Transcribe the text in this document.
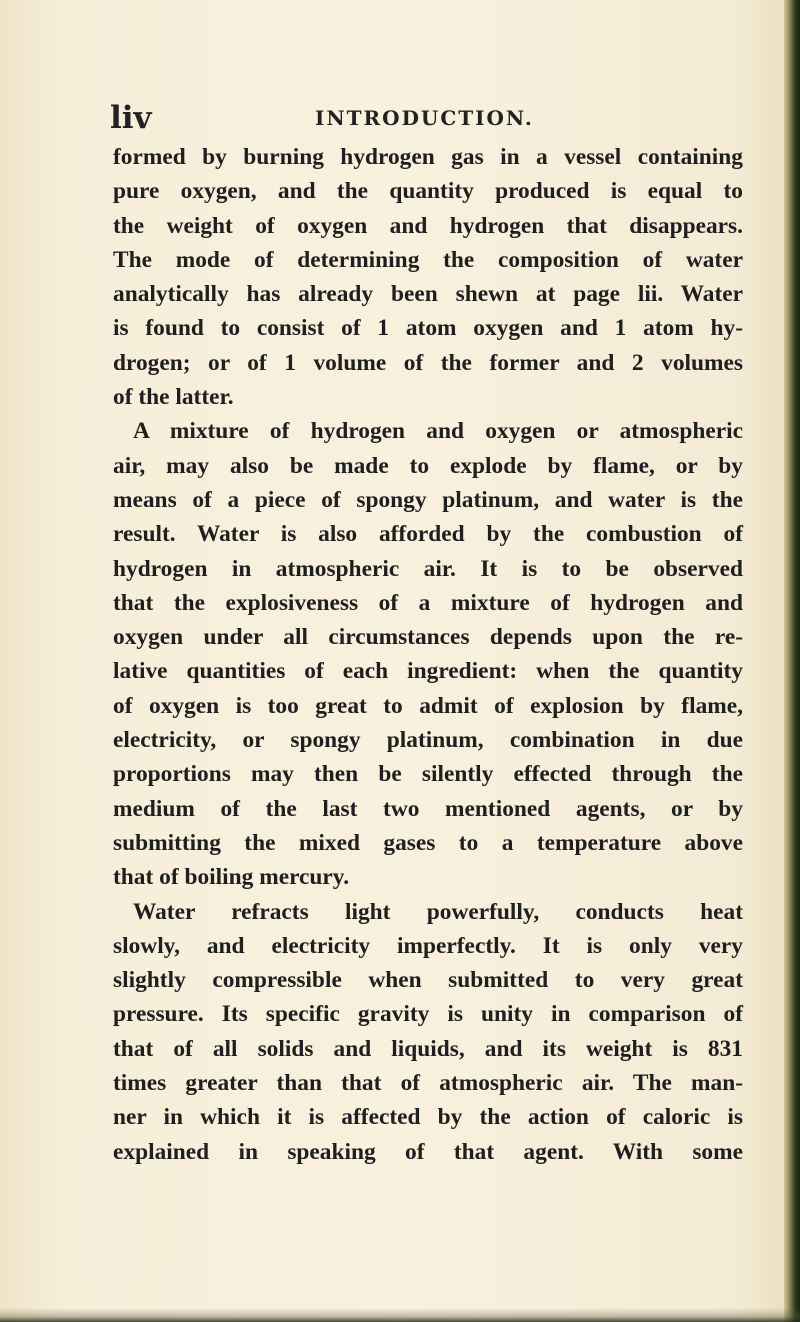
liv	INTRODUCTION.
formed by burning hydrogen gas in a vessel containing
pure oxygen, and the quantity produced is equal to
the weight of oxygen and hydrogen that disappears.
The mode of determining the composition of water
analytically has already been shewn at page lii. Water
is found to consist of 1 atom oxygen and 1 atom hy-
drogen; or of 1 volume of the former and 2 volumes
of the latter.
A mixture of hydrogen and oxygen or atmospheric
air, may also be made to explode by flame, or by
means of a piece of spongy platinum, and water is the
result. Water is also afforded by the combustion of
hydrogen in atmospheric air. It is to be observed
that the explosiveness of a mixture of hydrogen and
oxygen under all circumstances depends upon the re-
lative quantities of each ingredient: when the quantity
of oxygen is too great to admit of explosion by flame,
electricity, or spongy platinum, combination in due
proportions may then be silently effected through the
medium of the last two mentioned agents, or by
submitting the mixed gases to a temperature above
that of boiling mercury.
Water refracts light powerfully, conducts heat
slowly, and electricity imperfectly. It is only very
slightly compressible when submitted to very great
pressure. Its specific gravity is unity in comparison of
that of all solids and liquids, and its weight is 831
times greater than that of atmospheric air. The man-
ner in which it is affected by the action of caloric is
explained in speaking of that agent. With some
